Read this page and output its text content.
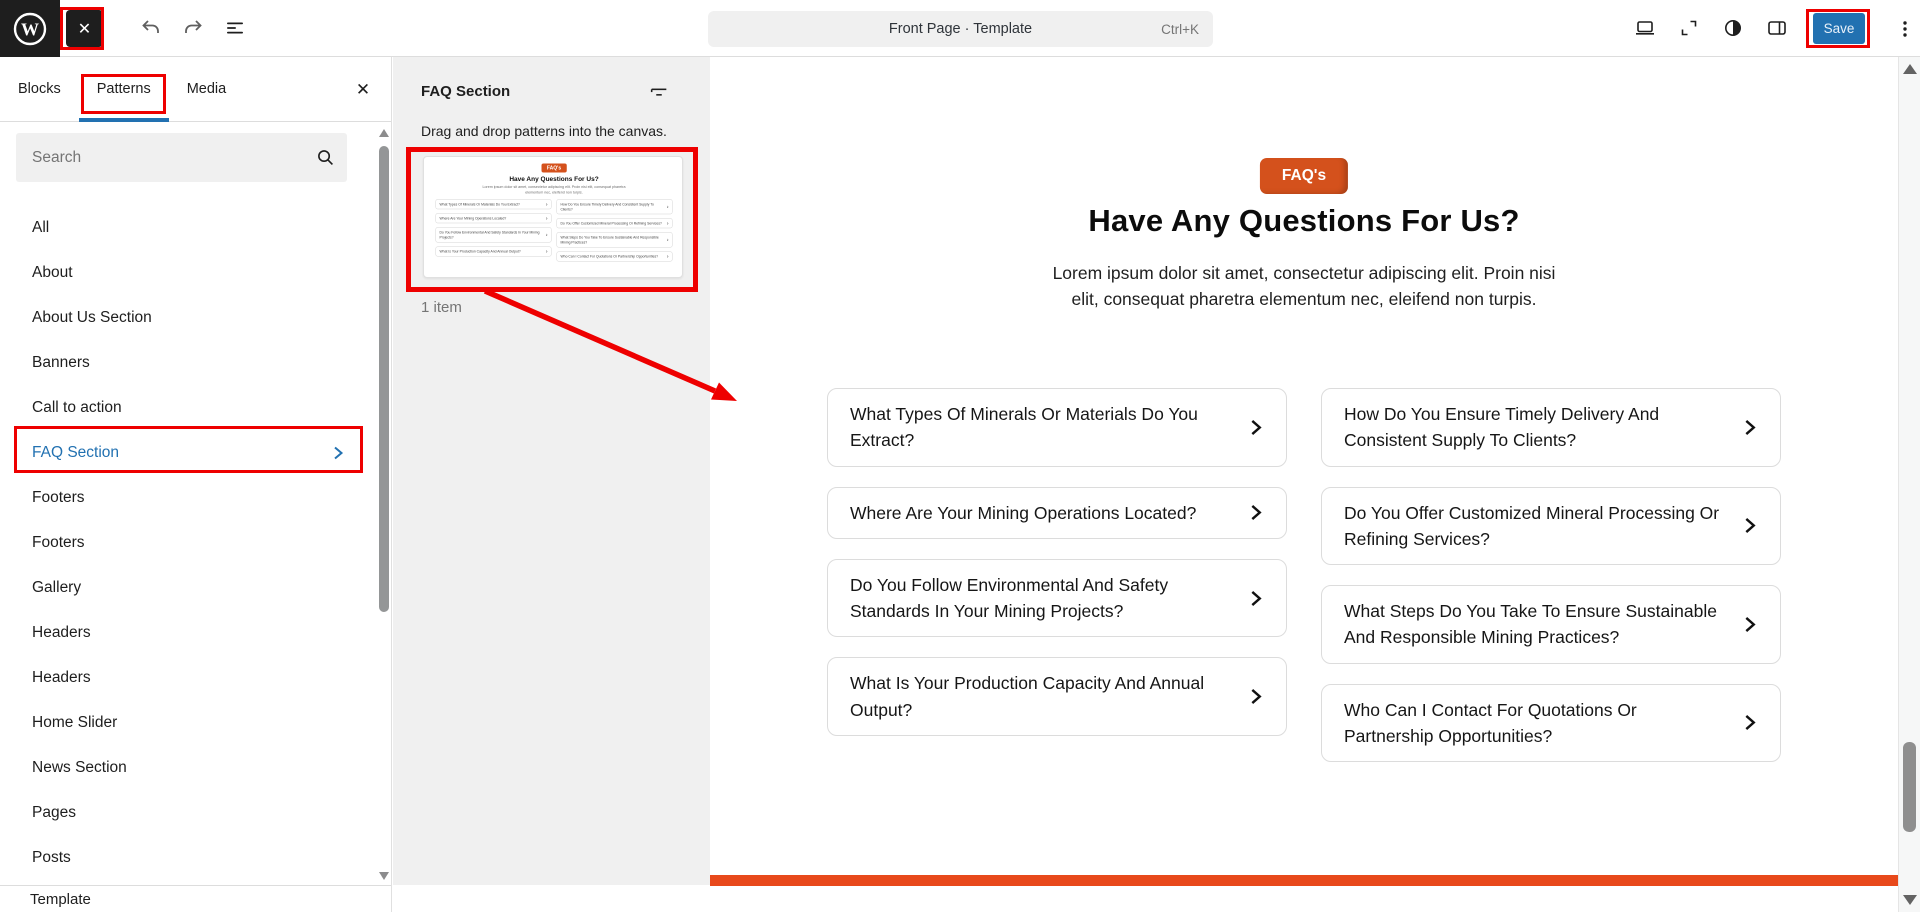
W ✕	Front Page · Template	Ctrl+K	Save
Blocks	Patterns	Media	✕
Search
All
About
About Us Section
Banners
Call to action
FAQ Section
Footers
Footers
Gallery
Headers
Headers
Home Slider
News Section
Pages
Posts
Template
FAQ Section
Drag and drop patterns into the canvas.
FAQ's
Have Any Questions For Us?
Lorem ipsum dolor sit amet, consectetur adipiscing elit. Proin nisi elit, consequat pharetra elementum nec, eleifend non turpis.
What Types Of Minerals Or Materials Do You Extract? ›
Where Are Your Mining Operations Located? ›
Do You Follow Environmental And Safety Standards In Your Mining Projects?	›
What Is Your Production Capacity And Annual Output? ›
How Do You Ensure Timely Delivery And Consistent Supply To Clients?	›
Do You Offer Customized Mineral Processing Or Refining Services? ›
What Steps Do You Take To Ensure Sustainable And Responsible Mining Practices?	›
Who Can I Contact For Quotations Or Partnership Opportunities? ›
1 item
FAQ's
Have Any Questions For Us?

Lorem ipsum dolor sit amet, consectetur adipiscing elit. Proin nisi elit, consequat pharetra elementum nec, eleifend non turpis.

What Types Of Minerals Or Materials Do You Extract?
Where Are Your Mining Operations Located?
Do You Follow Environmental And Safety Standards In Your Mining Projects?
What Is Your Production Capacity And Annual Output?
How Do You Ensure Timely Delivery And Consistent Supply To Clients?
Do You Offer Customized Mineral Processing Or Refining Services?
What Steps Do You Take To Ensure Sustainable And Responsible Mining Practices?
Who Can I Contact For Quotations Or Partnership Opportunities?
